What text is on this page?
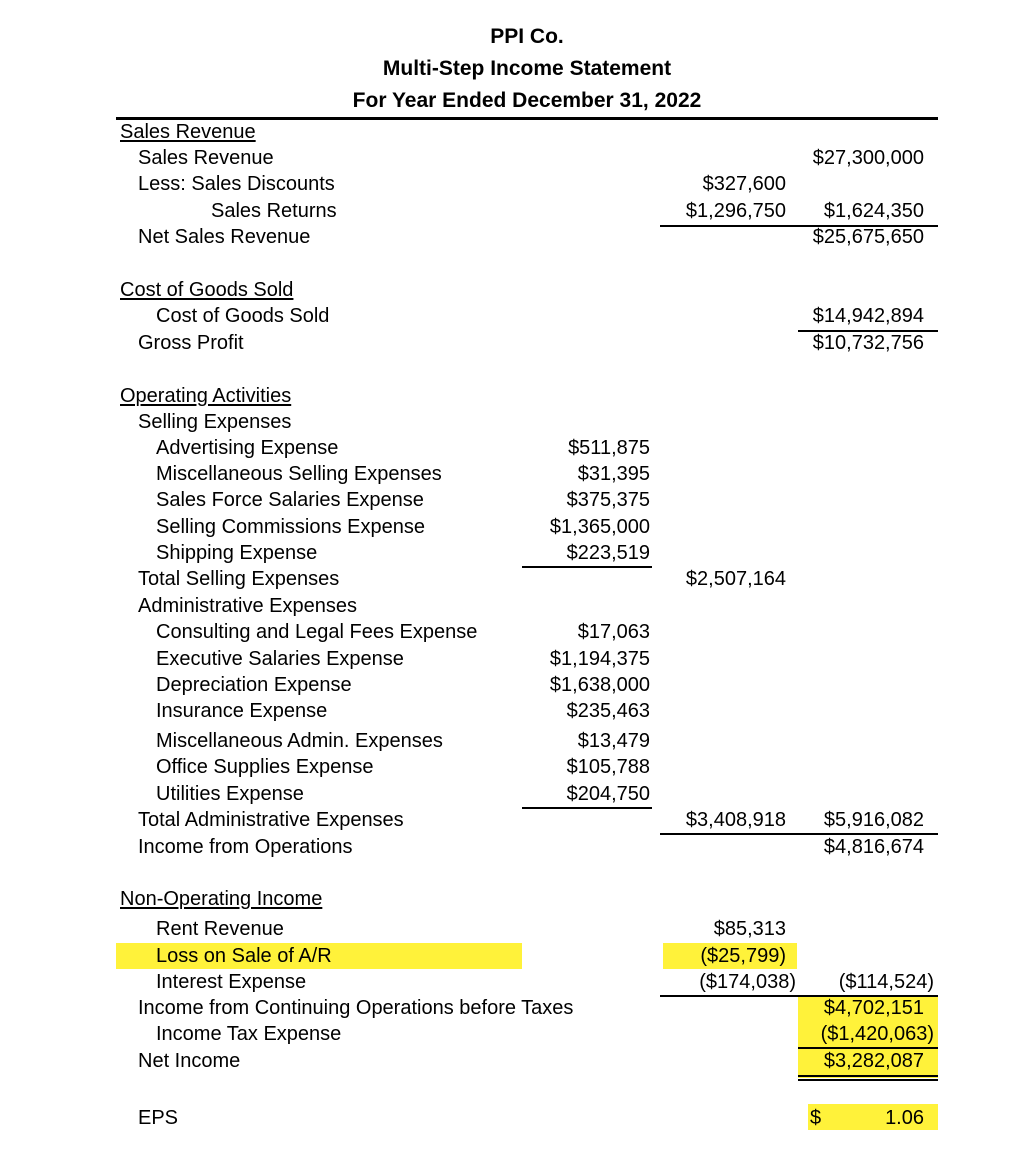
PPI Co.
Multi-Step Income Statement
For Year Ended December 31, 2022
Sales Revenue
Sales Revenue	$27,300,000
Less: Sales Discounts	$327,600
Sales Returns	$1,296,750 $1,624,350
Net Sales Revenue	$25,675,650
Cost of Goods Sold
Cost of Goods Sold	$14,942,894
Gross Profit	$10,732,756
Operating Activities
Selling Expenses
Advertising Expense	$511,875
Miscellaneous Selling Expenses	$31,395
Sales Force Salaries Expense	$375,375
Selling Commissions Expense	$1,365,000
Shipping Expense	$223,519
Total Selling Expenses	$2,507,164
Administrative Expenses
Consulting and Legal Fees Expense	$17,063
Executive Salaries Expense	$1,194,375
Depreciation Expense	$1,638,000
Insurance Expense	$235,463
Miscellaneous Admin. Expenses	$13,479
Office Supplies Expense	$105,788
Utilities Expense	$204,750
Total Administrative Expenses	$3,408,918 $5,916,082
Income from Operations	$4,816,674
Non-Operating Income
Rent Revenue	$85,313
Loss on Sale of A/R	($25,799)
Interest Expense	($174,038) ($114,524)
Income from Continuing Operations before Taxes	$4,702,151
Income Tax Expense	($1,420,063)
Net Income	$3,282,087
EPS	$	1.06
